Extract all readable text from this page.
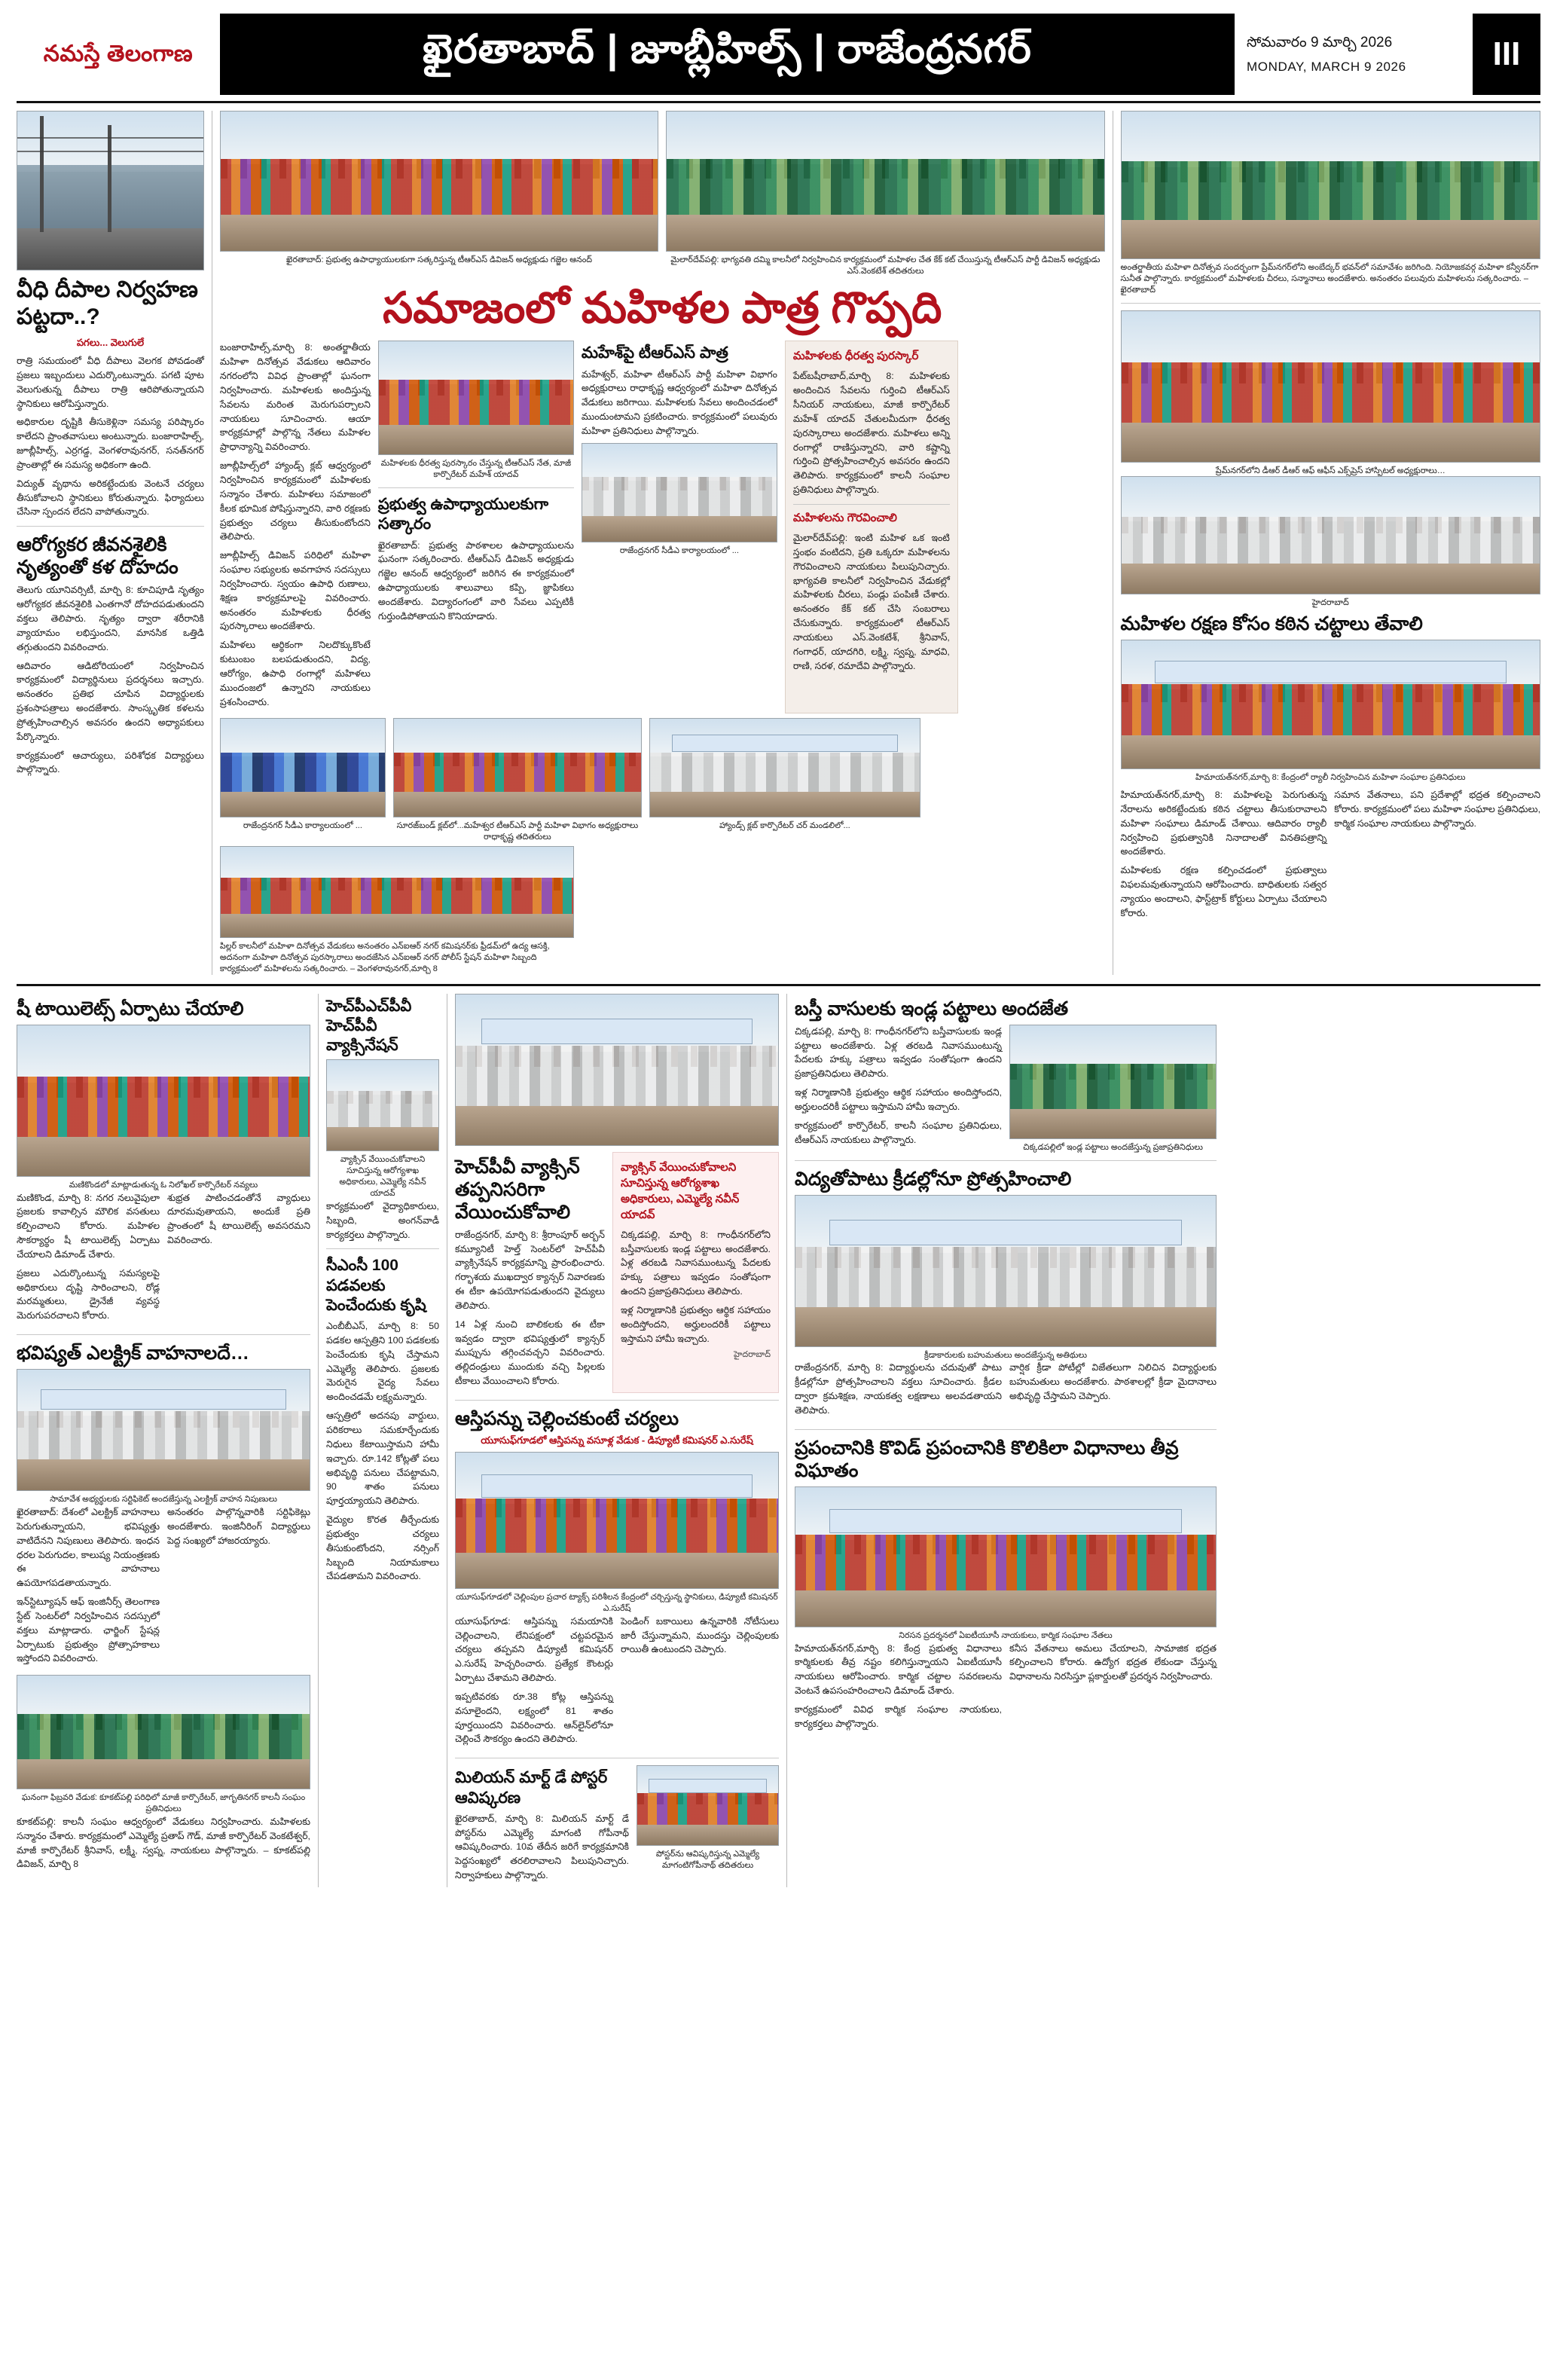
నమస్తే తెలంగాణ	ఖైరతాబాద్ | జూబ్లీహిల్స్ | రాజేంద్రనగర్	సోమవారం 9 మార్చి 2026
MONDAY, MARCH 9 2026	III
వీధి దీపాల నిర్వహణ పట్టదా..?
పగలు... వెలుగులే

రాత్రి సమయంలో వీధి దీపాలు వెలగక పోవడంతో ప్రజలు ఇబ్బందులు ఎదుర్కొంటున్నారు. పగటి పూట వెలుగుతున్న దీపాలు రాత్రి ఆరిపోతున్నాయని స్థానికులు ఆరోపిస్తున్నారు.

అధికారుల దృష్టికి తీసుకెళ్లినా సమస్య పరిష్కారం కాలేదని ప్రాంతవాసులు అంటున్నారు. బంజారాహిల్స్, జూబ్లీహిల్స్, ఎర్రగడ్డ, వెంగళరావునగర్, సనత్‌నగర్ ప్రాంతాల్లో ఈ సమస్య అధికంగా ఉంది.

విద్యుత్ వృథాను అరికట్టేందుకు వెంటనే చర్యలు తీసుకోవాలని స్థానికులు కోరుతున్నారు. ఫిర్యాదులు చేసినా స్పందన లేదని వాపోతున్నారు.

ఆరోగ్యకర జీవనశైలికి నృత్యంతో కళ దోహదం

తెలుగు యూనివర్సిటీ, మార్చి 8: కూచిపూడి నృత్యం ఆరోగ్యకర జీవనశైలికి ఎంతగానో దోహదపడుతుందని వక్తలు తెలిపారు. నృత్యం ద్వారా శరీరానికి వ్యాయామం లభిస్తుందని, మానసిక ఒత్తిడి తగ్గుతుందని వివరించారు.

ఆదివారం ఆడిటోరియంలో నిర్వహించిన కార్యక్రమంలో విద్యార్థినులు ప్రదర్శనలు ఇచ్చారు. అనంతరం ప్రతిభ చూపిన విద్యార్థులకు ప్రశంసాపత్రాలు అందజేశారు. సాంస్కృతిక కళలను ప్రోత్సహించాల్సిన అవసరం ఉందని అధ్యాపకులు పేర్కొన్నారు.

కార్యక్రమంలో ఆచార్యులు, పరిశోధక విద్యార్థులు పాల్గొన్నారు.

ఖైరతాబాద్: ప్రభుత్వ ఉపాధ్యాయులకుగా సత్కరిస్తున్న టీఆర్ఎస్ డివిజన్ అధ్యక్షుడు గజ్జెల ఆనంద్	మైలార్‌దేవ్‌పల్లి: భాగ్యవతి దమ్మి కాలనీలో నిర్వహించిన కార్యక్రమంలో మహిళల చేత కేక్ కట్ చేయిస్తున్న టీఆర్ఎస్ పార్టీ డివిజన్ అధ్యక్షుడు ఎస్.వెంకటేశ్ తదితరులు
సమాజంలో మహిళల పాత్ర గొప్పది

బంజారాహిల్స్,మార్చి 8: అంతర్జాతీయ మహిళా దినోత్సవ వేడుకలు ఆదివారం నగరంలోని వివిధ ప్రాంతాల్లో ఘనంగా నిర్వహించారు. మహిళలకు అందిస్తున్న సేవలను మరింత మెరుగుపర్చాలని నాయకులు సూచించారు. ఆయా కార్యక్రమాల్లో పాల్గొన్న నేతలు మహిళల ప్రాధాన్యాన్ని వివరించారు.

జూబ్లీహిల్స్‌లో హ్యాండ్స్ క్లబ్ ఆధ్వర్యంలో నిర్వహించిన కార్యక్రమంలో మహిళలకు సన్మానం చేశారు. మహిళలు సమాజంలో కీలక భూమిక పోషిస్తున్నారని, వారి రక్షణకు ప్రభుత్వం చర్యలు తీసుకుంటోందని తెలిపారు.

జూబ్లీహిల్స్ డివిజన్ పరిధిలో మహిళా సంఘాల సభ్యులకు అవగాహన సదస్సులు నిర్వహించారు. స్వయం ఉపాధి రుణాలు, శిక్షణ కార్యక్రమాలపై వివరించారు. అనంతరం మహిళలకు ధీరత్వ పురస్కారాలు అందజేశారు.

మహిళలు ఆర్థికంగా నిలదొక్కుకొంటే కుటుంబం బలపడుతుందని, విద్య, ఆరోగ్యం, ఉపాధి రంగాల్లో మహిళలు ముందంజలో ఉన్నారని నాయకులు ప్రశంసించారు.

మహిళలకు ధీరత్వ పురస్కారం చేస్తున్న టీఆర్ఎస్ నేత, మాజీ కార్పొరేటర్ మహేశ్ యాదవ్
ప్రభుత్వ ఉపాధ్యాయులకుగా సత్కారం

ఖైరతాబాద్: ప్రభుత్వ పాఠశాలల ఉపాధ్యాయులను ఘనంగా సత్కరించారు. టీఆర్ఎస్ డివిజన్ అధ్యక్షుడు గజ్జెల ఆనంద్ ఆధ్వర్యంలో జరిగిన ఈ కార్యక్రమంలో ఉపాధ్యాయులకు శాలువాలు కప్పి, జ్ఞాపికలు అందజేశారు. విద్యారంగంలో వారి సేవలు ఎప్పటికీ గుర్తుండిపోతాయని కొనియాడారు.

మహేశ్‌పై టీఆర్ఎస్ పాత్ర

మహేశ్వర్, మహిళా టీఆర్ఎస్ పార్టీ మహిళా విభాగం అధ్యక్షురాలు రాధాకృష్ణ ఆధ్వర్యంలో మహిళా దినోత్సవ వేడుకలు జరిగాయి. మహిళలకు సేవలు అందించడంలో ముందుంటామని ప్రకటించారు. కార్యక్రమంలో పలువురు మహిళా ప్రతినిధులు పాల్గొన్నారు.

రాజేంద్రనగర్ సీడీఎ కార్యాలయంలో ...
మహిళలకు ధీరత్వ పురస్కార్

పేట్‌బషీరాబాద్,మార్చి 8: మహిళలకు అందించిన సేవలను గుర్తించి టీఆర్ఎస్ సీనియర్ నాయకులు, మాజీ కార్పొరేటర్ మహేశ్ యాదవ్ చేతులమీదుగా ధీరత్వ పురస్కారాలు అందజేశారు. మహిళలు అన్ని రంగాల్లో రాణిస్తున్నారని, వారి కష్టాన్ని గుర్తించి ప్రోత్సహించాల్సిన అవసరం ఉందని తెలిపారు. కార్యక్రమంలో కాలనీ సంఘాల ప్రతినిధులు పాల్గొన్నారు.

మహిళలను గౌరవించాలి

మైలార్‌దేవ్‌పల్లి: ఇంటి మహిళ ఒక ఇంటి స్తంభం వంటిదని, ప్రతి ఒక్కరూ మహిళలను గౌరవించాలని నాయకులు పిలుపునిచ్చారు. భాగ్యవతి కాలనీలో నిర్వహించిన వేడుకల్లో మహిళలకు చీరలు, పండ్లు పంపిణీ చేశారు. అనంతరం కేక్ కట్ చేసి సంబరాలు చేసుకున్నారు. కార్యక్రమంలో టీఆర్ఎస్ నాయకులు ఎస్.వెంకటేశ్, శ్రీనివాస్, గంగాధర్, యాదగిరి, లక్ష్మి, స్వప్న, మాధవి, రాణి, సరళ, రమాదేవి పాల్గొన్నారు.

రాజేంద్రనగర్ సీడీఎ కార్యాలయంలో ...	సూరజ్‌బండ్ క్లబ్‌లో...మహేశ్వర టీఆర్ఎస్ పార్టీ మహిళా విభాగం అధ్యక్షురాలు రాధాకృష్ణ తదితరులు
హ్యాండ్స్ క్లబ్ కార్పొరేటర్ చర్ మండలిలో...
పిల్లర్ కాలనీలో మహిళా దినోత్సవ వేడుకలు అనంతరం ఎన్‌ఐఆర్ నగర్ కమిషనర్‌కు ఫ్రీడమ్‌లో ఉద్య ఆసక్తి, అదనంగా మహిళా దినోత్సవ పురస్కారాలు అందజేసిన ఎన్‌ఐఆర్ నగర్ పోలీస్ స్టేషన్ మహిళా సిబ్బంది కార్యక్రమంలో మహిళలను సత్కరించారు. – వెంగళరావునగర్,మార్చి 8
అంతర్జాతీయ మహిళా దినోత్సవ సందర్భంగా ప్రేమ్‌నగర్‌లోని అంబేద్కర్ భవన్‌లో సమావేశం జరిగింది. నియోజకవర్గ మహిళా కన్వీనర్‌గా సునీత పాల్గొన్నారు. కార్యక్రమంలో మహిళలకు చీరలు, సన్మానాలు అందజేశారు. అనంతరం పలువురు మహిళలను సత్కరించారు. – ఖైరతాబాద్
ప్రేమ్‌నగర్‌లోని డీఆర్ డీఆర్ ఆఫ్ ఆఫీస్ ఎక్స్‌ప్రెస్ హాస్పిటల్ అధ్యక్షురాలు…
హైదరాబాద్
మహిళల రక్షణ కోసం కఠిన చట్టాలు తేవాలి
హిమాయత్‌నగర్‌,మార్చి 8: కేంద్రంలో ర్యాలీ నిర్వహించిన మహిళా సంఘాల ప్రతినిధులు

హిమాయత్‌నగర్,మార్చి 8: మహిళలపై పెరుగుతున్న నేరాలను అరికట్టేందుకు కఠిన చట్టాలు తీసుకురావాలని మహిళా సంఘాలు డిమాండ్ చేశాయి. ఆదివారం ర్యాలీ నిర్వహించి ప్రభుత్వానికి నినాదాలతో వినతిపత్రాన్ని అందజేశారు.

మహిళలకు రక్షణ కల్పించడంలో ప్రభుత్వాలు విఫలమవుతున్నాయని ఆరోపించారు. బాధితులకు సత్వర న్యాయం అందాలని, ఫాస్ట్‌ట్రాక్ కోర్టులు ఏర్పాటు చేయాలని కోరారు.

సమాన వేతనాలు, పని ప్రదేశాల్లో భద్రత కల్పించాలని కోరారు. కార్యక్రమంలో పలు మహిళా సంఘాల ప్రతినిధులు, కార్మిక సంఘాల నాయకులు పాల్గొన్నారు.

షీ టాయిలెట్స్ ఏర్పాటు చేయాలి
మణికొండలో మాట్లాడుతున్న ఓ నిలోఖల్ కార్పొరేటర్ నవ్యలు

మణికొండ, మార్చి 8: నగర నలువైపులా ప్రజలకు కావాల్సిన మౌలిక వసతులు కల్పించాలని కోరారు. మహిళల సౌకర్యార్థం షీ టాయిలెట్స్ ఏర్పాటు చేయాలని డిమాండ్ చేశారు.

ప్రజలు ఎదుర్కొంటున్న సమస్యలపై అధికారులు దృష్టి సారించాలని, రోడ్ల మరమ్మతులు, డ్రైనేజీ వ్యవస్థ మెరుగుపరచాలని కోరారు.

శుభ్రత పాటించడంతోనే వ్యాధులు దూరమవుతాయని, అందుకే ప్రతి ప్రాంతంలో షీ టాయిలెట్స్ అవసరమని వివరించారు.

భవిష్యత్ ఎలక్ట్రిక్ వాహనాలదే…
సామావేశ అభ్యర్థులకు సర్టిఫికెట్ అందజేస్తున్న ఎలక్ట్రిక్ వాహన నిపుణులు

ఖైరతాబాద్: దేశంలో ఎలక్ట్రిక్ వాహనాలు పెరుగుతున్నాయని, భవిష్యత్తు వాటిదేనని నిపుణులు తెలిపారు. ఇంధన ధరల పెరుగుదల, కాలుష్య నియంత్రణకు ఈ వాహనాలు ఉపయోగపడతాయన్నారు.

ఇన్‌స్టిట్యూషన్ ఆఫ్ ఇంజినీర్స్ తెలంగాణ స్టేట్ సెంటర్‌లో నిర్వహించిన సదస్సులో వక్తలు మాట్లాడారు. ఛార్జింగ్ స్టేషన్ల ఏర్పాటుకు ప్రభుత్వం ప్రోత్సాహకాలు ఇస్తోందని వివరించారు.

అనంతరం పాల్గొన్నవారికి సర్టిఫికెట్లు అందజేశారు. ఇంజినీరింగ్ విద్యార్థులు పెద్ద సంఖ్యలో హాజరయ్యారు.

ఘనంగా ఫిబ్రవరి వేడుక: కూకట్‌పల్లి పరిధిలో మాజీ కార్పొరేటర్, జాగృతినగర్ కాలనీ సంఘం ప్రతినిధులు

కూకట్‌పల్లి: కాలనీ సంఘం ఆధ్వర్యంలో వేడుకలు నిర్వహించారు. మహిళలకు సన్మానం చేశారు. కార్యక్రమంలో ఎమ్మెల్యే ప్రతాప్ గౌడ్, మాజీ కార్పొరేటర్ వెంకటేశ్వర్, మాజీ కార్పొరేటర్ శ్రీనివాస్, లక్ష్మీ, స్వప్న, నాయకులు పాల్గొన్నారు. – కూకట్‌పల్లి డివిజన్, మార్చి 8

హెచ్‌పీఎచ్‌పీవీ హెచ్‌పీవీ వ్యాక్సినేషన్
వ్యాక్సిన్ వేయించుకోవాలని సూచిస్తున్న ఆరోగ్యశాఖ అధికారులు, ఎమ్మెల్యే నవీన్ యాదవ్

కార్యక్రమంలో వైద్యాధికారులు, సిబ్బంది, అంగన్‌వాడీ కార్యకర్తలు పాల్గొన్నారు.

సీఎంసీ 100 పడవలకు పెంచేందుకు కృషి

ఎంబీబీఎస్, మార్చి 8: 50 పడకల ఆస్పత్రిని 100 పడకలకు పెంచేందుకు కృషి చేస్తామని ఎమ్మెల్యే తెలిపారు. ప్రజలకు మెరుగైన వైద్య సేవలు అందించడమే లక్ష్యమన్నారు.

ఆస్పత్రిలో అదనపు వార్డులు, పరికరాలు సమకూర్చేందుకు నిధులు కేటాయిస్తామని హామీ ఇచ్చారు. రూ.142 కోట్లతో పలు అభివృద్ధి పనులు చేపట్టామని, 90 శాతం పనులు పూర్తయ్యాయని తెలిపారు.

వైద్యుల కొరత తీర్చేందుకు ప్రభుత్వం చర్యలు తీసుకుంటోందని, నర్సింగ్ సిబ్బంది నియామకాలు చేపడతామని వివరించారు.

హెచ్‌పీవీ వ్యాక్సిన్ తప్పనిసరిగా వేయించుకోవాలి

రాజేంద్రనగర్, మార్చి 8: శ్రీరాంపూర్ అర్బన్ కమ్యూనిటీ హెల్త్ సెంటర్‌లో హెచ్‌పీవీ వ్యాక్సినేషన్ కార్యక్రమాన్ని ప్రారంభించారు. గర్భాశయ ముఖద్వార క్యాన్సర్ నివారణకు ఈ టీకా ఉపయోగపడుతుందని వైద్యులు తెలిపారు.

14 ఏళ్ల నుంచి బాలికలకు ఈ టీకా ఇవ్వడం ద్వారా భవిష్యత్తులో క్యాన్సర్ ముప్పును తగ్గించవచ్చని వివరించారు. తల్లిదండ్రులు ముందుకు వచ్చి పిల్లలకు టీకాలు వేయించాలని కోరారు.

వ్యాక్సిన్ వేయించుకోవాలని సూచిస్తున్న ఆరోగ్యశాఖ అధికారులు, ఎమ్మెల్యే నవీన్ యాదవ్

చిక్కడపల్లి, మార్చి 8: గాంధీనగర్‌లోని బస్తీవాసులకు ఇండ్ల పట్టాలు అందజేశారు. ఏళ్ల తరబడి నివాసముంటున్న పేదలకు హక్కు పత్రాలు ఇవ్వడం సంతోషంగా ఉందని ప్రజాప్రతినిధులు తెలిపారు.

ఇళ్ల నిర్మాణానికి ప్రభుత్వం ఆర్థిక సహాయం అందిస్తోందని, అర్హులందరికీ పట్టాలు ఇస్తామని హామీ ఇచ్చారు.

హైదరాబాద్
ఆస్తిపన్ను చెల్లించకుంటే చర్యలు
యూసుఫ్‌గూడలో ఆస్తిపన్ను వసూళ్ల వేడుక - డిప్యూటీ కమిషనర్ ఎ.సురేష్
యూసుఫ్‌గూడలో చెల్లింపుల ప్రచార ట్యాక్స్ పరిశీలన కేంద్రంలో చర్చిస్తున్న స్థానికులు, డిప్యూటీ కమిషనర్ ఎ.సురేష్

యూసుఫ్‌గూడ: ఆస్తిపన్ను సమయానికి చెల్లించాలని, లేనిపక్షంలో చట్టపరమైన చర్యలు తప్పవని డిప్యూటీ కమిషనర్ ఎ.సురేష్ హెచ్చరించారు. ప్రత్యేక కౌంటర్లు ఏర్పాటు చేశామని తెలిపారు.

ఇప్పటివరకు రూ.38 కోట్ల ఆస్తిపన్ను వసూలైందని, లక్ష్యంలో 81 శాతం పూర్తయిందని వివరించారు. ఆన్‌లైన్‌లోనూ చెల్లించే సౌకర్యం ఉందని తెలిపారు.

పెండింగ్ బకాయిలు ఉన్నవారికి నోటీసులు జారీ చేస్తున్నామని, ముందస్తు చెల్లింపులకు రాయితీ ఉంటుందని చెప్పారు.

మిలియన్ మార్ట్ డే పోస్టర్ ఆవిష్కరణ

ఖైరతాబాద్, మార్చి 8: మిలియన్ మార్ట్ డే పోస్టర్‌ను ఎమ్మెల్యే మాగంటి గోపీనాథ్ ఆవిష్కరించారు. 10వ తేదీన జరిగే కార్యక్రమానికి పెద్దసంఖ్యలో తరలిరావాలని పిలుపునిచ్చారు. నిర్వాహకులు పాల్గొన్నారు.

పోస్టర్‌ను ఆవిష్కరిస్తున్న ఎమ్మెల్యే మాగంటిగోపీనాథ్ తదితరులు
బస్తీ వాసులకు ఇండ్ల పట్టాలు అందజేత

చిక్కడపల్లి, మార్చి 8: గాంధీనగర్‌లోని బస్తీవాసులకు ఇండ్ల పట్టాలు అందజేశారు. ఏళ్ల తరబడి నివాసముంటున్న పేదలకు హక్కు పత్రాలు ఇవ్వడం సంతోషంగా ఉందని ప్రజాప్రతినిధులు తెలిపారు.

ఇళ్ల నిర్మాణానికి ప్రభుత్వం ఆర్థిక సహాయం అందిస్తోందని, అర్హులందరికీ పట్టాలు ఇస్తామని హామీ ఇచ్చారు.

కార్యక్రమంలో కార్పొరేటర్, కాలనీ సంఘాల ప్రతినిధులు, టీఆర్ఎస్ నాయకులు పాల్గొన్నారు.

చిక్కడపల్లిలో ఇండ్ల పట్టాలు అందజేస్తున్న ప్రజాప్రతినిధులు
విద్యతోపాటు క్రీడల్లోనూ ప్రోత్సహించాలి
క్రీడాకారులకు బహుమతులు అందజేస్తున్న అతిథులు

రాజేంద్రనగర్, మార్చి 8: విద్యార్థులను చదువుతో పాటు క్రీడల్లోనూ ప్రోత్సహించాలని వక్తలు సూచించారు. క్రీడల ద్వారా క్రమశిక్షణ, నాయకత్వ లక్షణాలు అలవడతాయని తెలిపారు.

వార్షిక క్రీడా పోటీల్లో విజేతలుగా నిలిచిన విద్యార్థులకు బహుమతులు అందజేశారు. పాఠశాలల్లో క్రీడా మైదానాలు అభివృద్ధి చేస్తామని చెప్పారు.

ప్రపంచానికి కొవిడ్ ప్రపంచానికి కొలికిలా విధానాలు తీవ్ర విఘాతం
నిరసన ప్రదర్శనలో ఏఐటీయూసీ నాయకులు, కార్మిక సంఘాల నేతలు

హిమాయత్‌నగర్,మార్చి 8: కేంద్ర ప్రభుత్వ విధానాలు కార్మికులకు తీవ్ర నష్టం కలిగిస్తున్నాయని ఏఐటీయూసీ నాయకులు ఆరోపించారు. కార్మిక చట్టాల సవరణలను వెంటనే ఉపసంహరించాలని డిమాండ్ చేశారు.

కార్యక్రమంలో వివిధ కార్మిక సంఘాల నాయకులు, కార్యకర్తలు పాల్గొన్నారు.

కనీస వేతనాలు అమలు చేయాలని, సామాజిక భద్రత కల్పించాలని కోరారు. ఉద్యోగ భద్రత లేకుండా చేస్తున్న విధానాలను నిరసిస్తూ ప్లకార్డులతో ప్రదర్శన నిర్వహించారు.
